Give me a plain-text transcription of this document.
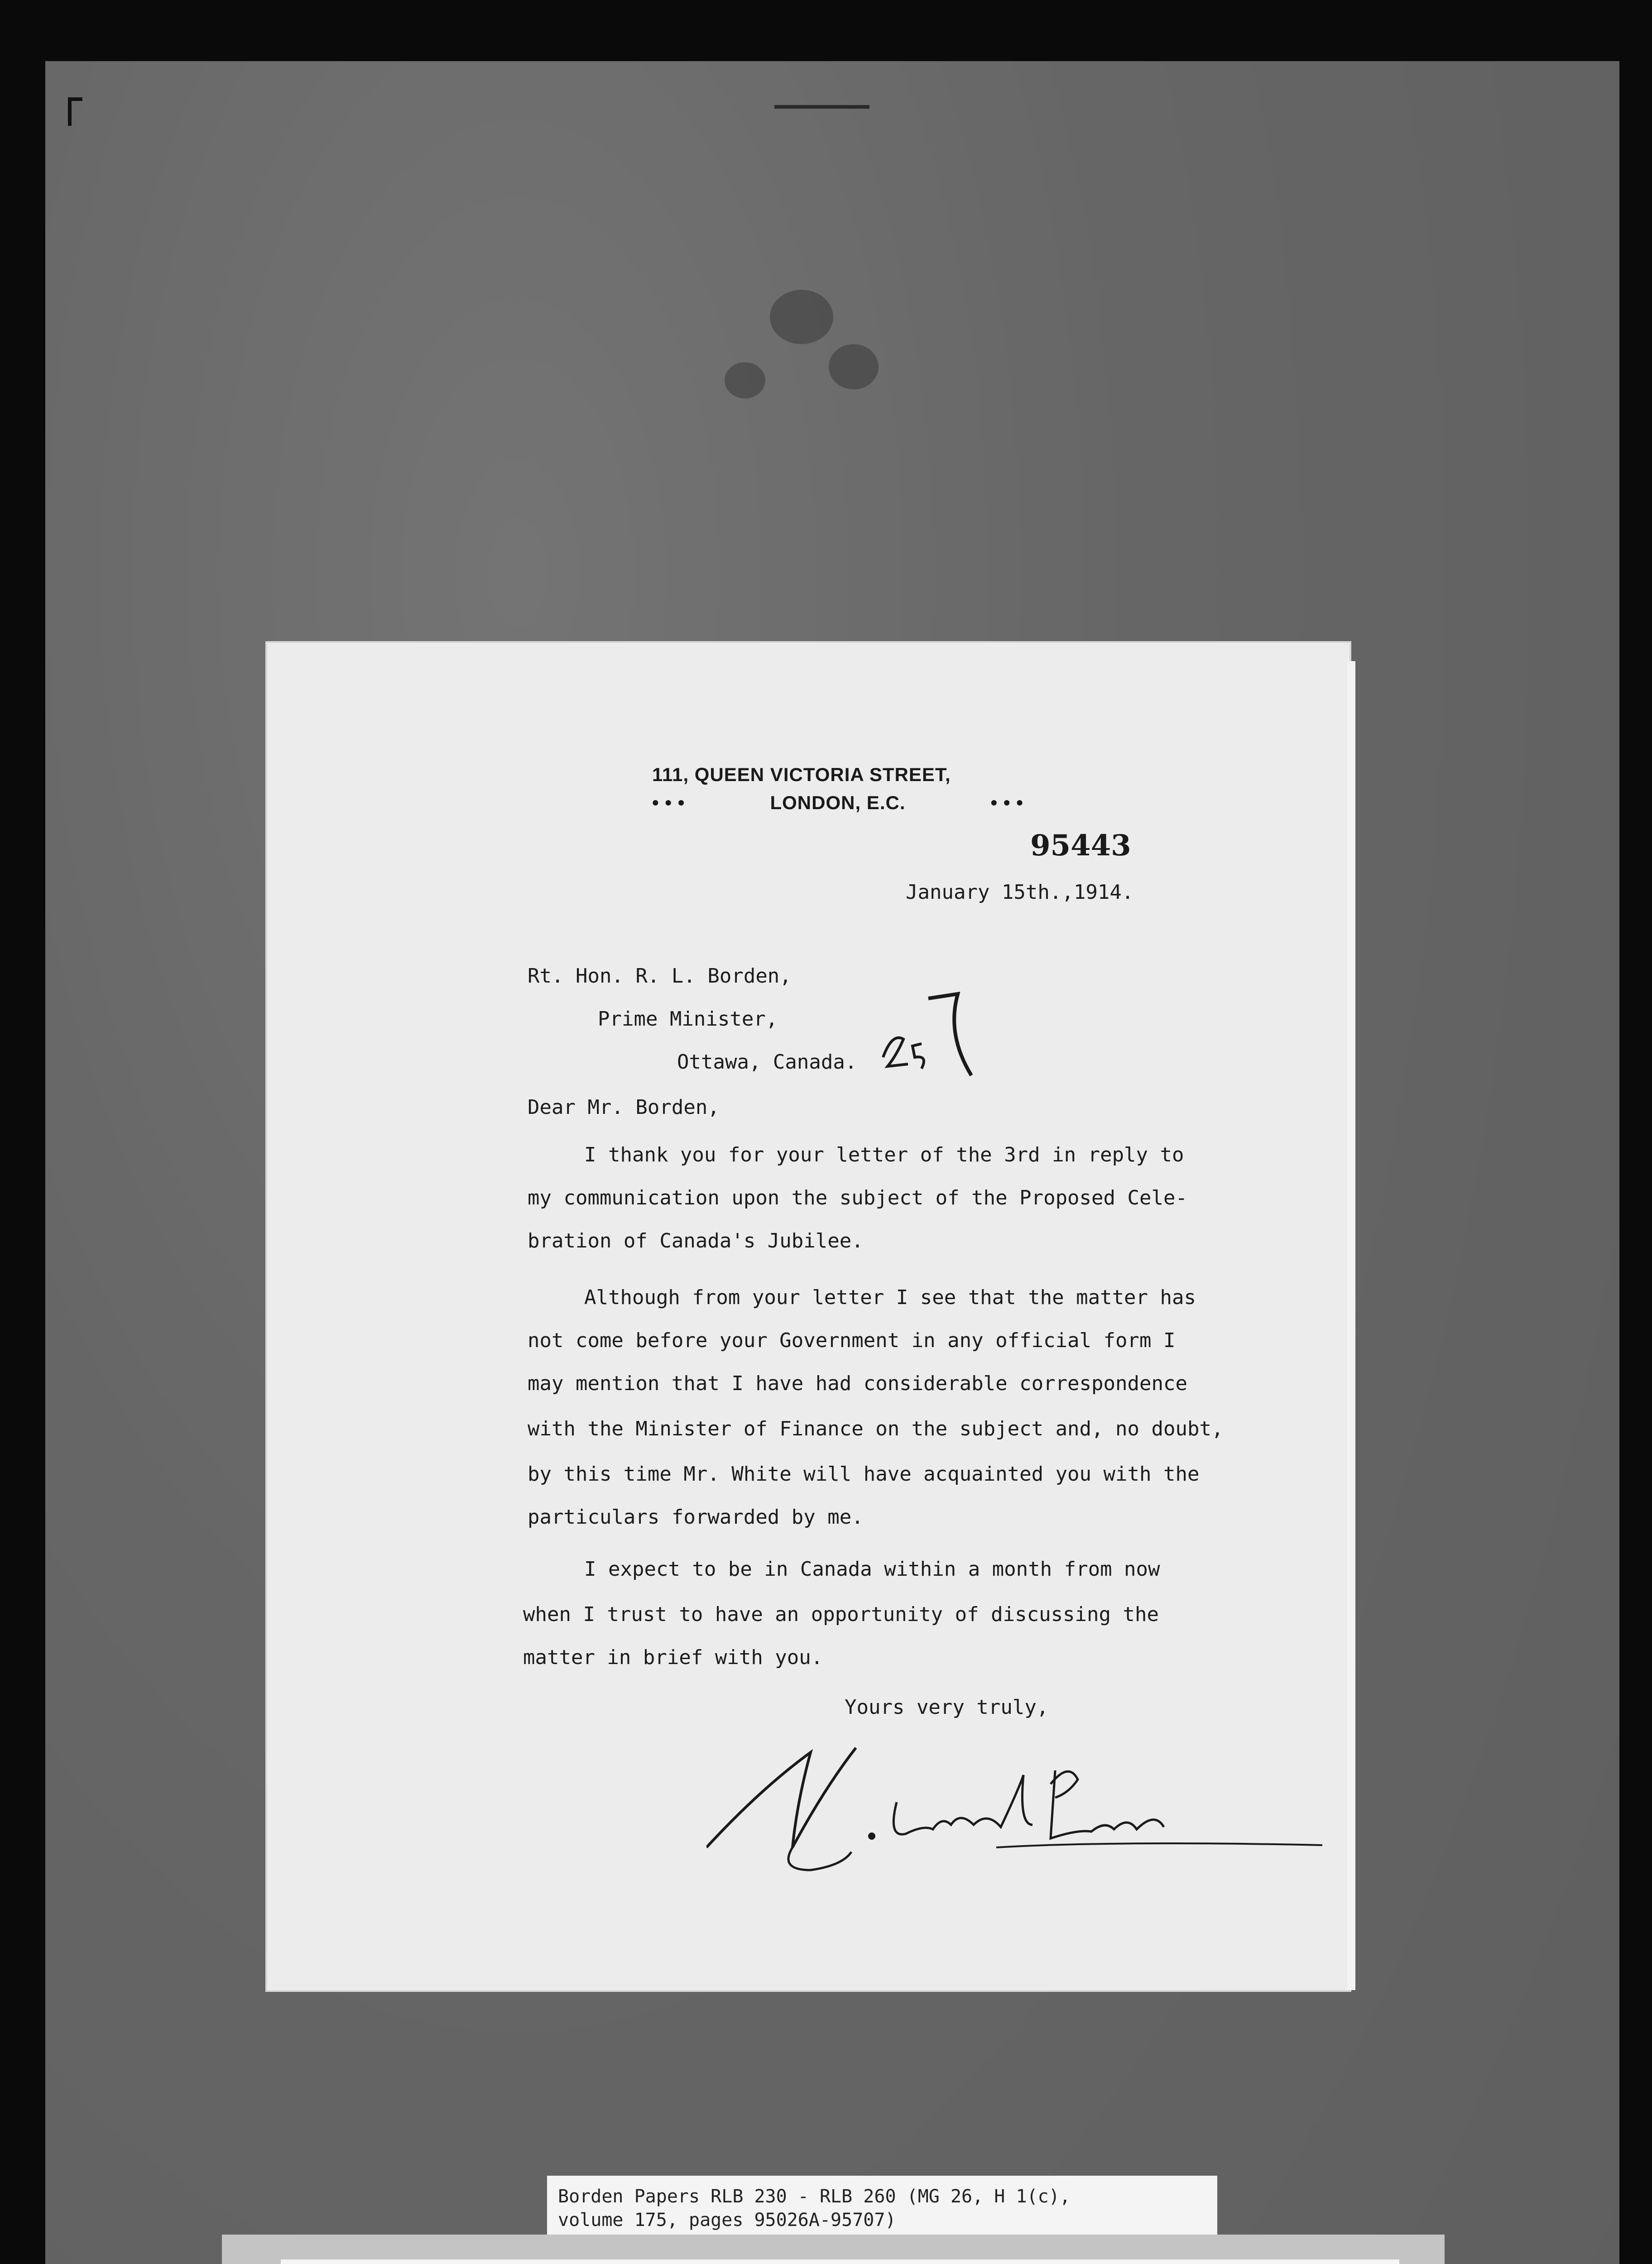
111, QUEEN VICTORIA STREET,
• • •	LONDON, E.C.	• • •
95443
January 15th.,1914.
Rt. Hon. R. L. Borden,
Prime Minister,
Ottawa, Canada.
Dear Mr. Borden,
I thank you for your letter of the 3rd in reply to
my communication upon the subject of the Proposed Cele-
bration of Canada's Jubilee.
Although from your letter I see that the matter has
not come before your Government in any official form I
may mention that I have had considerable correspondence
with the Minister of Finance on the subject and, no doubt,
by this time Mr. White will have acquainted you with the
particulars forwarded by me.
I expect to be in Canada within a month from now
when I trust to have an opportunity of discussing the
matter in brief with you.
Yours very truly,
Borden Papers RLB 230 - RLB 260 (MG 26, H 1(c),
volume 175, pages 95026A-95707)
